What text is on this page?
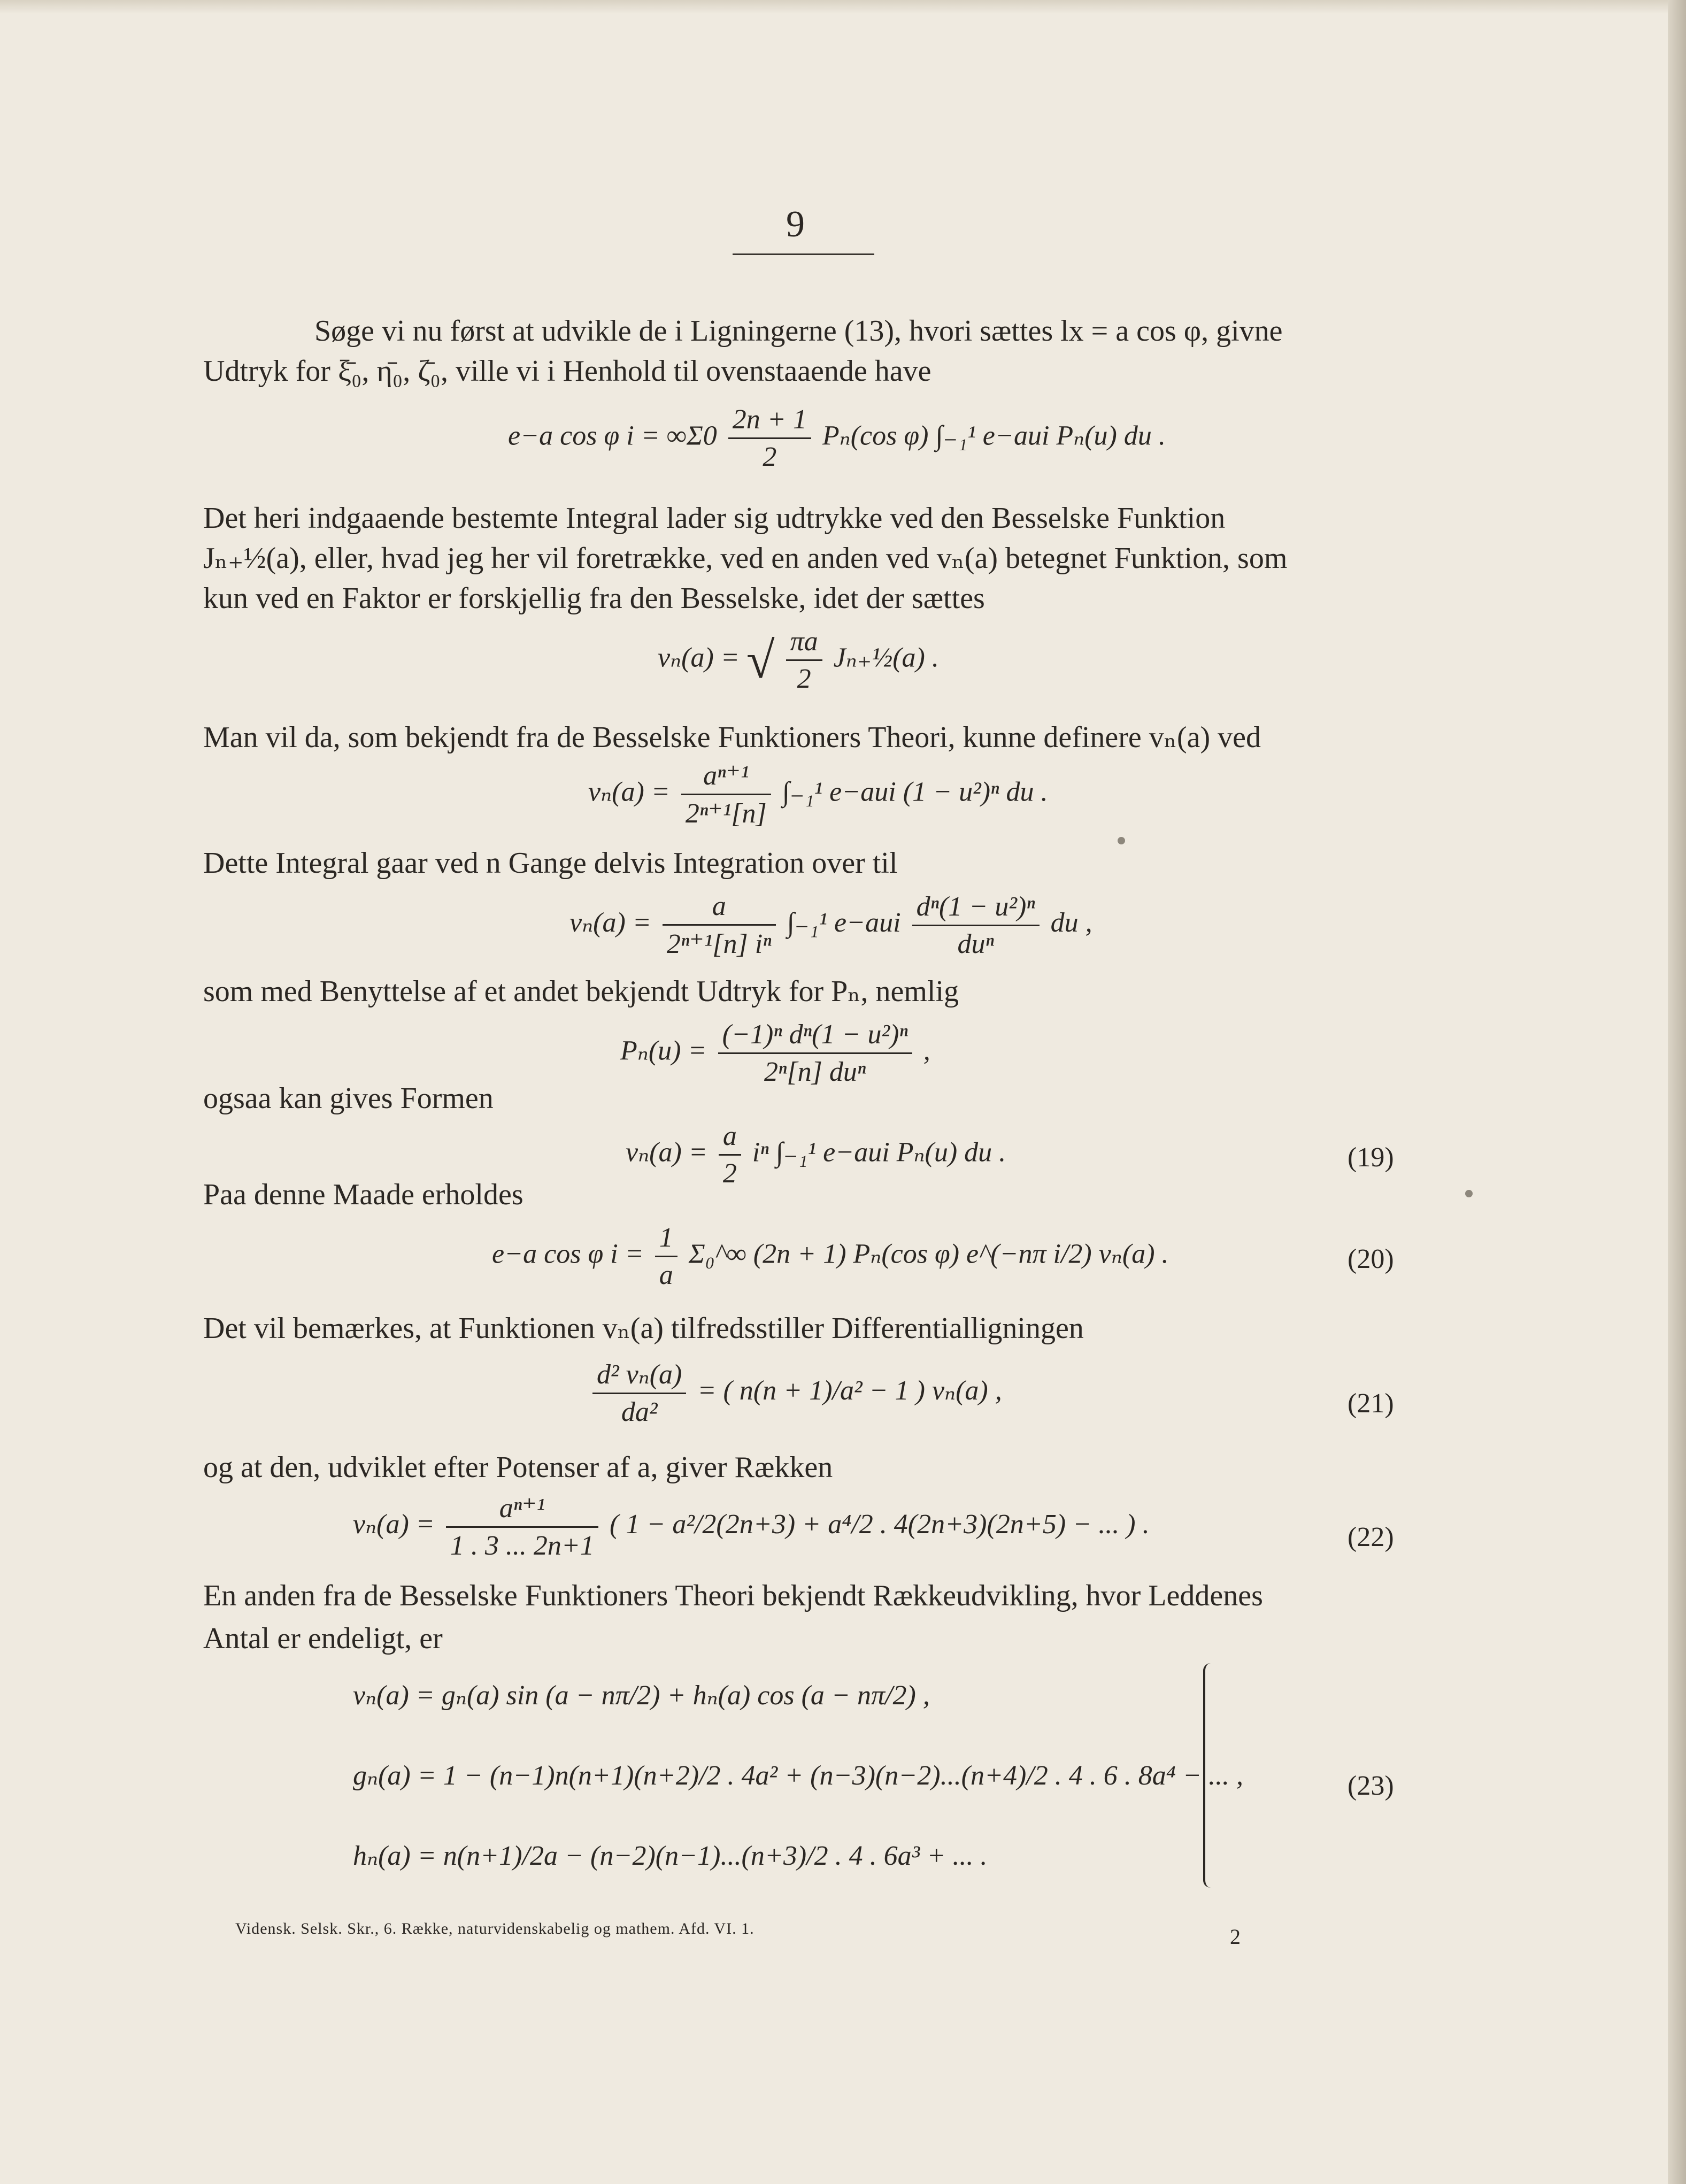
9
Søge vi nu først at udvikle de i Ligningerne (13), hvori sættes lx = a cos φ, givne
Udtryk for ξ̄₀, η̄₀, ζ̄₀, ville vi i Henhold til ovenstaaende have
e−a cos φ $i = \infty\Sigma 0 \frac{2n + 1}{2} P_n(\cos$ φ) ∫₋₁¹ e−aui Pₙ(u) du .
Det heri indgaaende bestemte Integral lader sig udtrykke ved den Besselske Funktion
Jₙ₊½(a), eller, hvad jeg her vil foretrække, ved en anden ved vₙ(a) betegnet Funktion, som
kun ved en Faktor er forskjellig fra den Besselske, idet der sættes
vₙ(a) = √ $\frac{\pi a}{2}$ Jₙ₊½(a) .
Man vil da, som bekjendt fra de Besselske Funktioners Theori, kunne definere vₙ(a) ved
$v_n(a) = \frac{\text{aⁿ⁺¹}}{\text{2ⁿ⁺¹[n]}} \int_{-1}^1$ e−aui (1 − u²)ⁿ du .
Dette Integral gaar ved n Gange delvis Integration over til
$v_n(a) = \frac{a}{\text{2ⁿ⁺¹[n] iⁿ}} \int_{-1}^1$ $e-aui \frac{\text{dⁿ(1 − u²)ⁿ}}{\text{duⁿ}}$ du ,
som med Benyttelse af et andet bekjendt Udtryk for Pₙ, nemlig
$P_n(u) = \frac{\text{(−1)ⁿ dⁿ(1 − u²)ⁿ}}{\text{2ⁿ[n] duⁿ}}$ ,
ogsaa kan gives Formen
$v_n(a) = \frac{a}{2}$ iⁿ ∫₋₁¹ e−aui Pₙ(u) du .	(19)
Paa denne Maade erholdes
e−a cos φ $i = \frac{1}{a}$ Σ₀^∞ (2n + 1) Pₙ(cos φ) e^(−nπ i/2) vₙ(a) .	(20)
Det vil bemærkes, at Funktionen vₙ(a) tilfredsstiller Differentialligningen
$\frac{\text{d² vₙ(a)}}{\text{da²}}$ = ( n(n + 1)/a² − 1 ) vₙ(a) ,	(21)
og at den, udviklet efter Potenser af a, giver Rækken
$v_n(a) = \frac{\text{aⁿ⁺¹}}{1 . 3 ... 2n+1}$ ( 1 − a²/2(2n+3) + a⁴/2 . 4(2n+3)(2n+5) − ... ) .	(22)
En anden fra de Besselske Funktioners Theori bekjendt Rækkeudvikling, hvor Leddenes
Antal er endeligt, er
vₙ(a) = gₙ(a) sin (a − nπ/2) + hₙ(a) cos (a − nπ/2) ,
gₙ(a) = 1 − (n−1)n(n+1)(n+2)/2 . 4a² + (n−3)(n−2)...(n+4)/2 . 4 . 6 . 8a⁴ − ... ,
hₙ(a) = n(n+1)/2a − (n−2)(n−1)...(n+3)/2 . 4 . 6a³ + ... .
(23)
Vidensk. Selsk. Skr., 6. Række, naturvidenskabelig og mathem. Afd. VI. 1.	2
